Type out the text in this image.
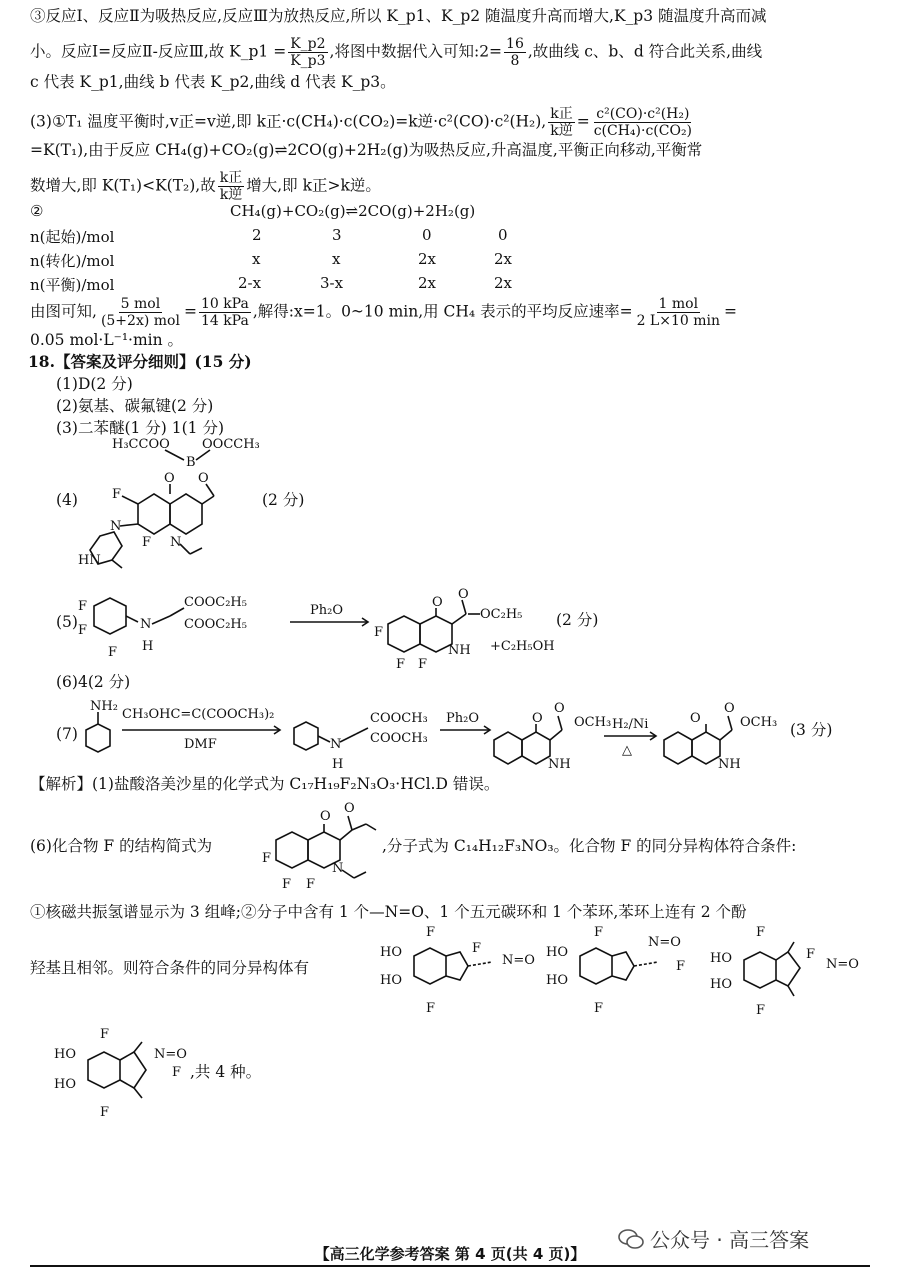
③反应Ⅰ、反应Ⅱ为吸热反应,反应Ⅲ为放热反应,所以 K_p1、K_p2 随温度升高而增大,K_p3 随温度升高而减
小。反应Ⅰ=反应Ⅱ-反应Ⅲ,故 K_p1 = $\frac{K\_p2}{K\_p3}$ ,将图中数据代入可知:2= $\frac{16}{8}$ ,故曲线 c、b、d 符合此关系,曲线
c 代表 K_p1,曲线 b 代表 K_p2,曲线 d 代表 K_p3。
(3)①T₁ 温度平衡时,v正=v逆,即 k正·c(CH₄)·c(CO₂)=k逆·c²(CO)·c²(H₂), $\frac{\text{k正}}{\text{k逆}} = \frac{\text{c²(CO)·c²(H₂)}}{\text{c(CH₄)·c(CO₂)}}$
=K(T₁),由于反应 CH₄(g)+CO₂(g)⇌2CO(g)+2H₂(g)为吸热反应,升高温度,平衡正向移动,平衡常
数增大,即 K(T₁)<K(T₂),故 $\frac{\text{k正}}{\text{k逆}}$ 增大,即 k正>k逆。
②	CH₄(g)+CO₂(g)⇌2CO(g)+2H₂(g)
n(起始)/mol	2	3	0	0
n(转化)/mol	x	x	2x	2x
n(平衡)/mol	2-x	3-x	2x	2x
由图可知, $\frac{\text{5 mol}}{\text{(5+2x) mol}} = \frac{\text{10 kPa}}{\text{14 kPa}}$ ,解得:x=1。0~10 min,用 CH₄ 表示的平均反应速率= $\frac{\text{1 mol}}{2 L\times 10 \min}$ =
0.05 mol·L⁻¹·min 。
18.【答案及评分细则】(15 分)
(1)D(2 分)
(2)氨基、碳氟键(2 分)
(3)二苯醚(1 分) 1(1 分)
(4)	(2 分)
H₃CCOO
B
OOCCH₃
O O
F
F N
N
HN
(5)
F
F
F
N
H
COOC₂H₅
COOC₂H₅
Ph₂O
O
O
OC₂H₅
F
F F
NH +C₂H₅OH
(2 分)
(6)4(2 分)
(7)
NH₂
CH₃OHC=C(COOCH₃)₂
DMF	N
H
COOCH₃
COOCH₃
Ph₂O	O
O
OCH₃
NH
H₂/Ni
△
O
O
OCH₃
NH
(3 分)
【解析】(1)盐酸洛美沙星的化学式为 C₁₇H₁₉F₂N₃O₃·HCl.D 错误。
(6)化合物 F 的结构简式为
O
O
F
F F
N
,分子式为 C₁₄H₁₂F₃NO₃。化合物 F 的同分异构体符合条件:
①核磁共振氢谱显示为 3 组峰;②分子中含有 1 个—N=O、1 个五元碳环和 1 个苯环,苯环上连有 2 个酚
羟基且相邻。则符合条件的同分异构体有
HO
HO
F
F
F
N=O
HO
HO
F
F
N=O
F
HO
HO
F
F
F
N=O
HO
HO
F
F
N=O
F ,共 4 种。
公众号 · 高三答案
【高三化学参考答案 第 4 页(共 4 页)】
